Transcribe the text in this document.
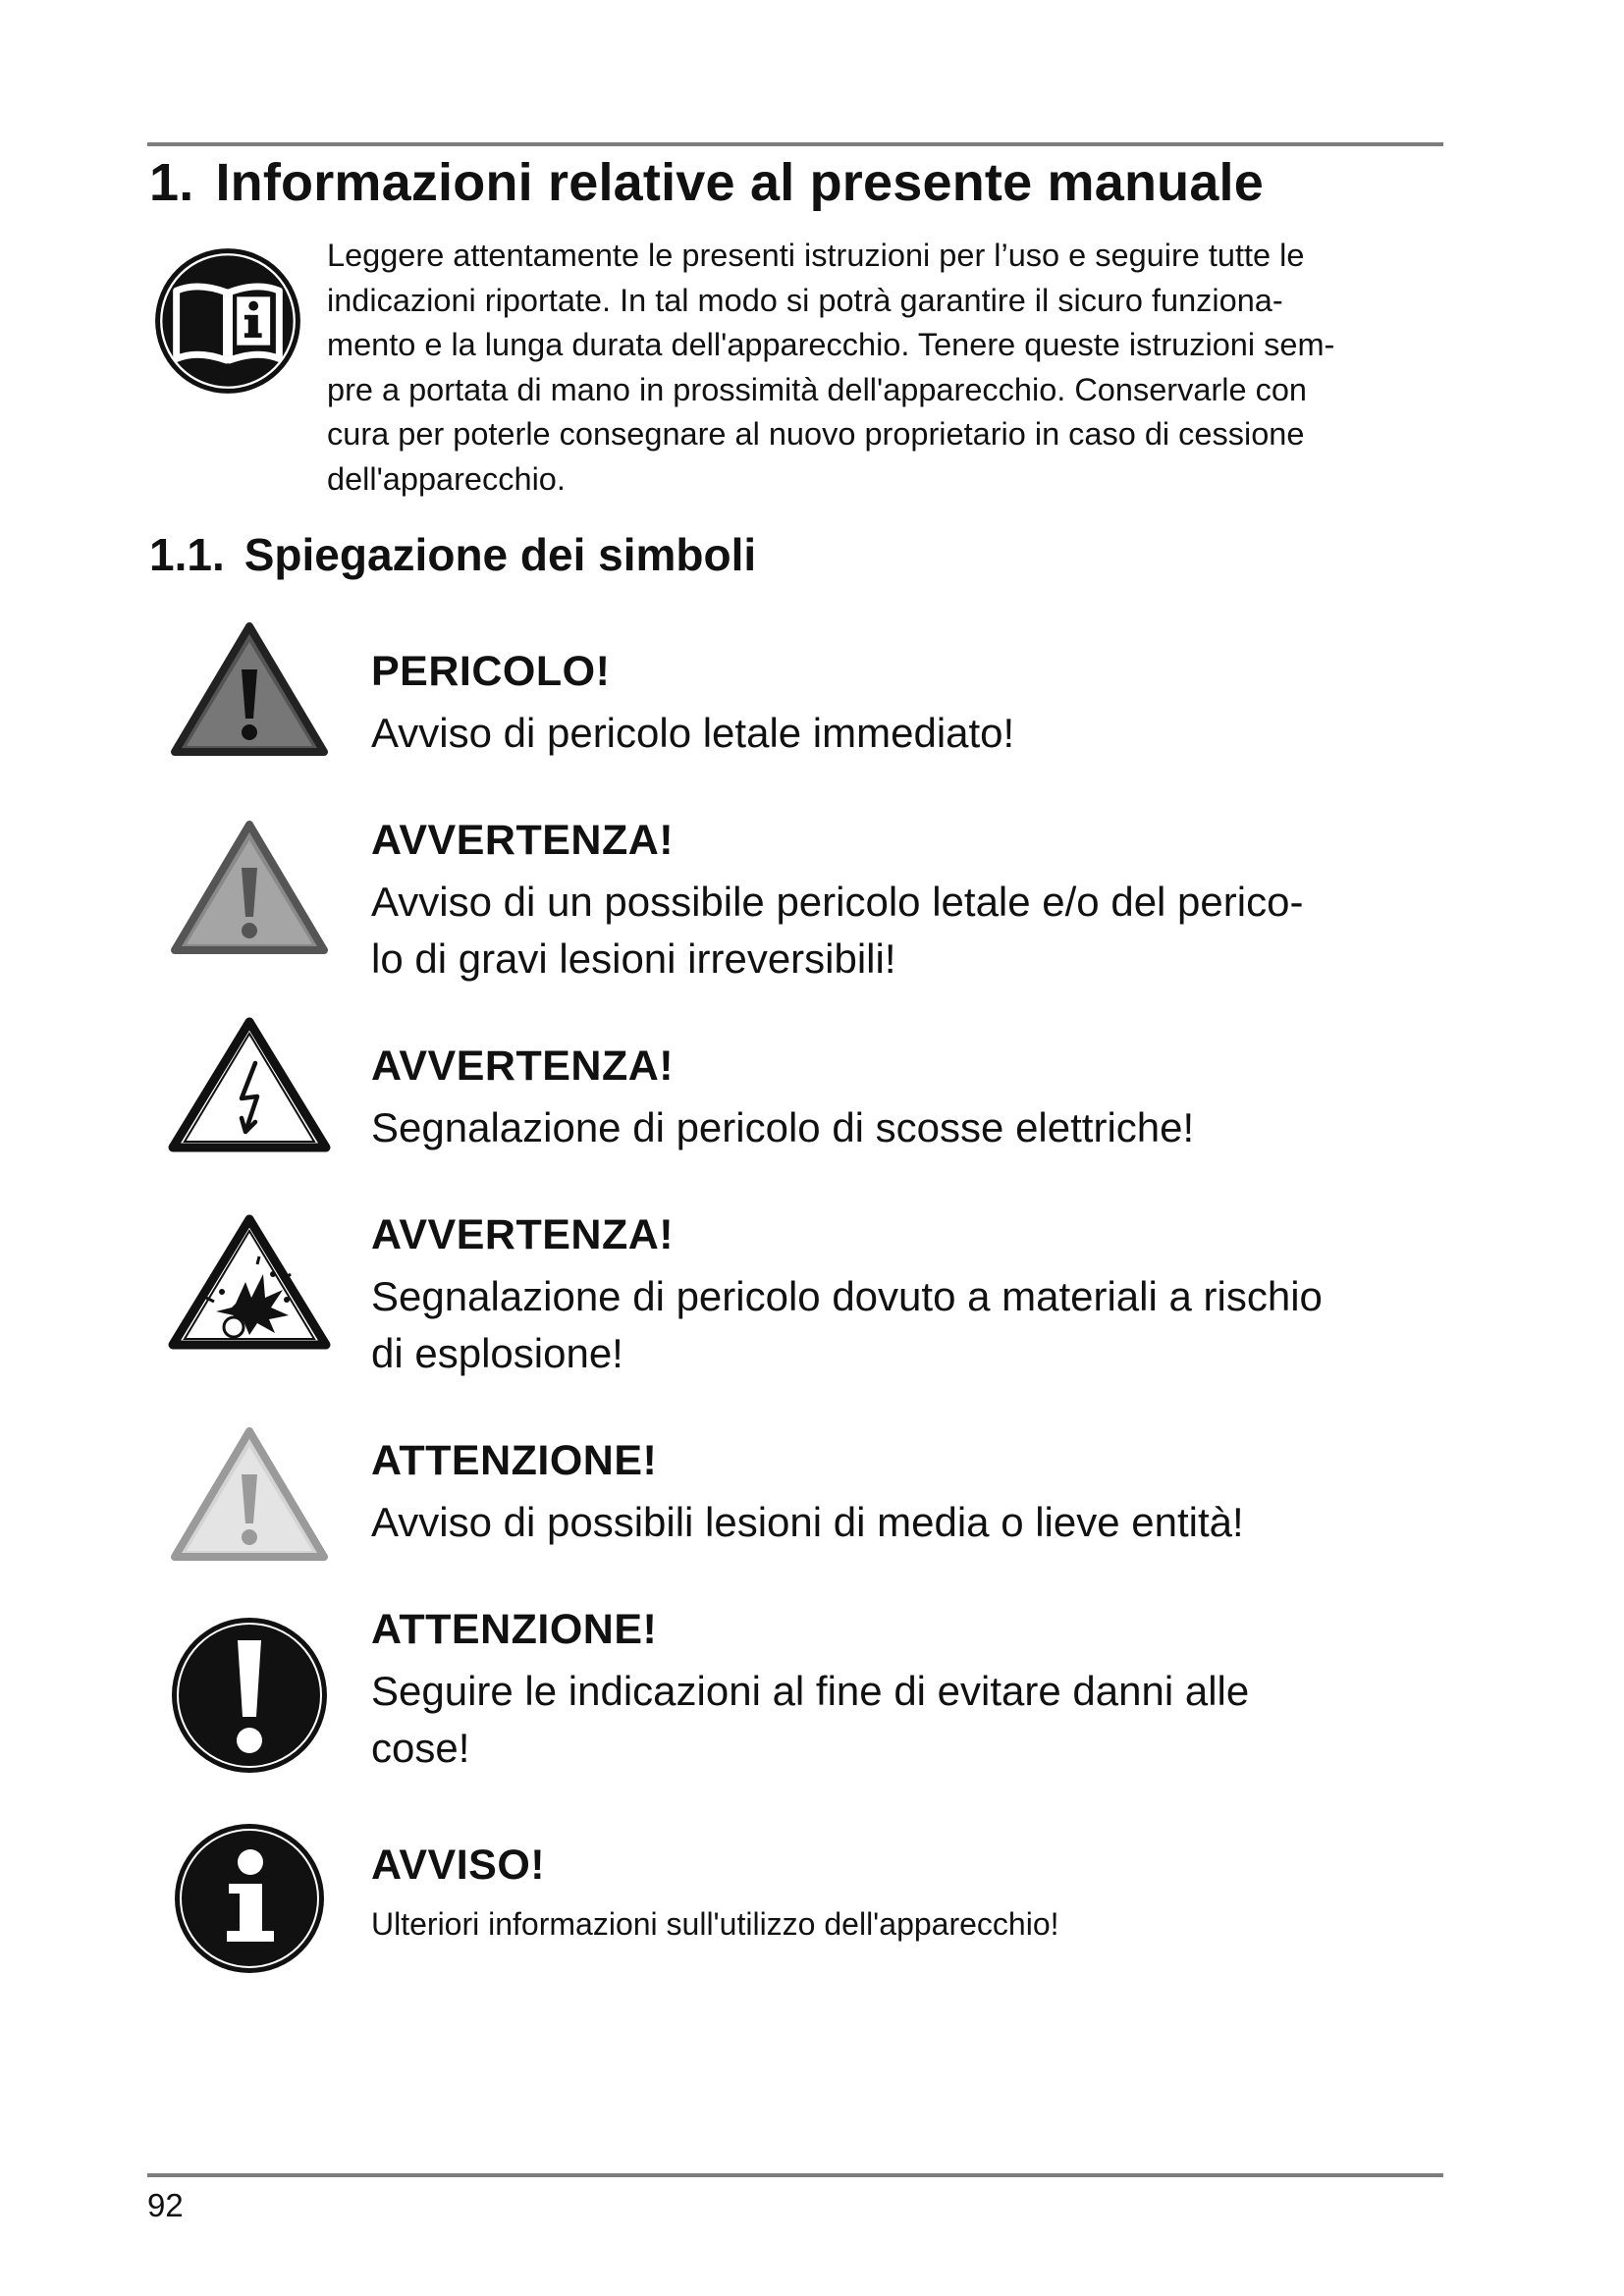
1. Informazioni relative al presente manuale

Leggere attentamente le presenti istruzioni per l’uso e seguire tutte le
indicazioni riportate. In tal modo si potrà garantire il sicuro funziona-
mento e la lunga durata dell'apparecchio. Tenere queste istruzioni sem-
pre a portata di mano in prossimità dell'apparecchio. Conservarle con
cura per poterle consegnare al nuovo proprietario in caso di cessione
dell'apparecchio.

1.1. Spiegazione dei simboli

PERICOLO!

Avviso di pericolo letale immediato!

AVVERTENZA!

Avviso di un possibile pericolo letale e/o del perico-
lo di gravi lesioni irreversibili!

AVVERTENZA!

Segnalazione di pericolo di scosse elettriche!

AVVERTENZA!

Segnalazione di pericolo dovuto a materiali a rischio
di esplosione!

ATTENZIONE!

Avviso di possibili lesioni di media o lieve entità!

ATTENZIONE!

Seguire le indicazioni al fine di evitare danni alle
cose!

AVVISO!

Ulteriori informazioni sull'utilizzo dell'apparecchio!

92
